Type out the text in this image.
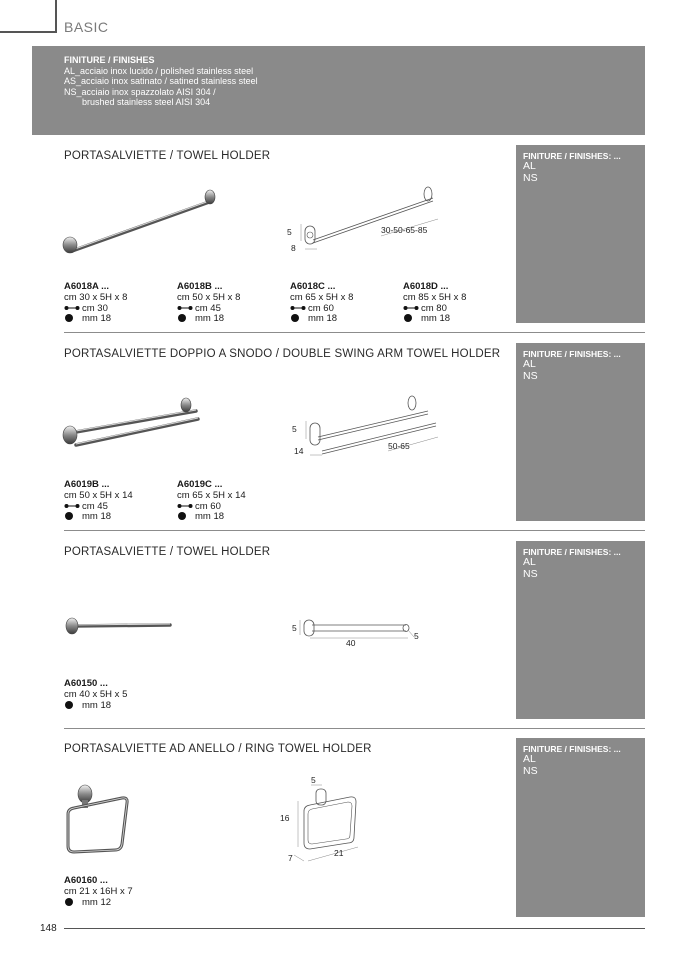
BASIC
FINITURE / FINISHES
AL_acciaio inox lucido / polished stainless steel
AS_acciaio inox satinato / satined stainless steel
NS_acciaio inox spazzolato AISI 304 /
brushed stainless steel AISI 304
PORTASALVIETTE / TOWEL HOLDER	FINITURE / FINISHES: ...
AL
NS
5
8
30-50-65-85
A6018A ...
cm 30 x 5H x 8
cm 30
mm 18
A6018B ...
cm 50 x 5H x 8
cm 45
mm 18
A6018C ...
cm 65 x 5H x 8
cm 60
mm 18
A6018D ...
cm 85 x 5H x 8
cm 80
mm 18
PORTASALVIETTE DOPPIO A SNODO / DOUBLE SWING ARM TOWEL HOLDER	FINITURE / FINISHES: ...
AL
NS
5
14	50-65
A6019B ...
cm 50 x 5H x 14
cm 45
mm 18
A6019C ...
cm 65 x 5H x 14
cm 60
mm 18
PORTASALVIETTE / TOWEL HOLDER	FINITURE / FINISHES: ...
AL
NS
5
40
5
A60150 ...
cm 40 x 5H x 5
mm 18
PORTASALVIETTE AD ANELLO / RING TOWEL HOLDER	FINITURE / FINISHES: ...
AL
NS
5
16
7	21
A60160 ...
cm 21 x 16H x 7
mm 12
148
